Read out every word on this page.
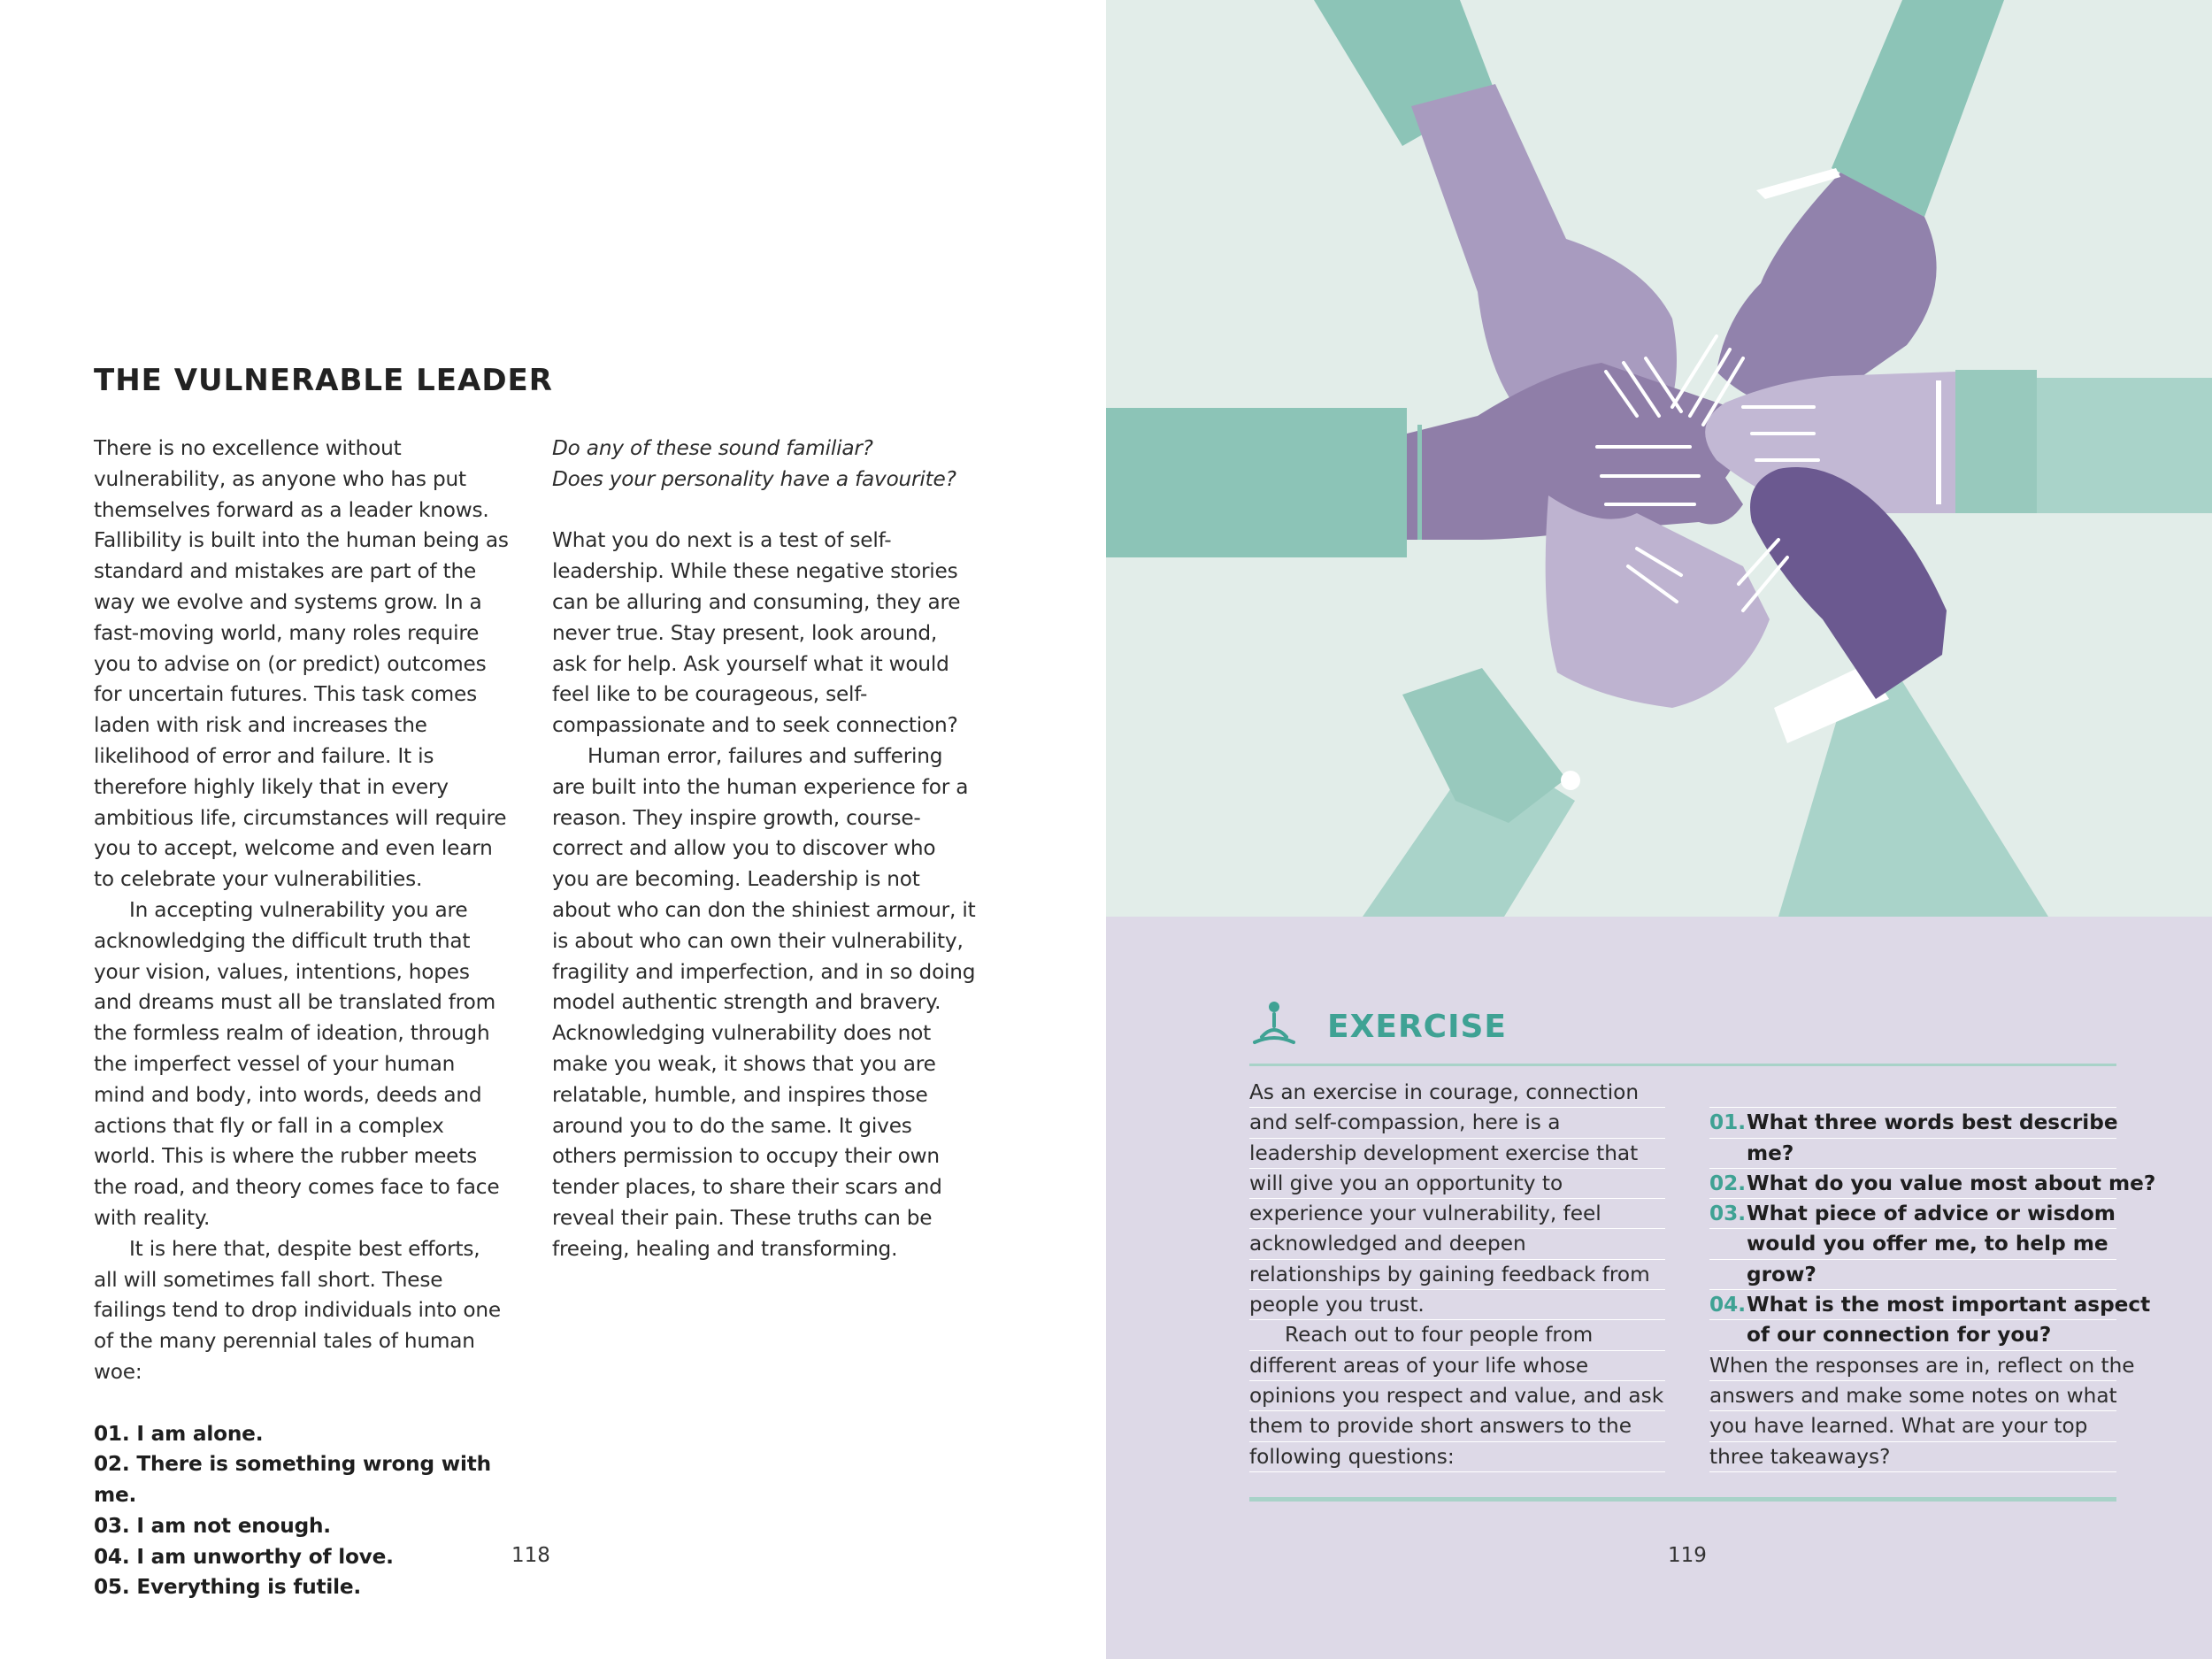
THE VULNERABLE LEADER

There is no excellence without vulnerability, as anyone who has put themselves forward as a leader knows. Fallibility is built into the human being as standard and mistakes are part of the way we evolve and systems grow. In a fast-moving world, many roles require you to advise on (or predict) outcomes for uncertain futures. This task comes laden with risk and increases the likelihood of error and failure. It is therefore highly likely that in every ambitious life, circumstances will require you to accept, welcome and even learn to celebrate your vulnerabilities.

In accepting vulnerability you are acknowledging the difficult truth that your vision, values, intentions, hopes and dreams must all be translated from the formless realm of ideation, through the imperfect vessel of your human mind and body, into words, deeds and actions that fly or fall in a complex world. This is where the rubber meets the road, and theory comes face to face with reality.

It is here that, despite best efforts, all will sometimes fall short. These failings tend to drop individuals into one of the many perennial tales of human woe:

01. I am alone.
02. There is something wrong with me.
03. I am not enough.
04. I am unworthy of love.
05. Everything is futile.

Do any of these sound familiar?

Does your personality have a favourite?

What you do next is a test of self-leadership. While these negative stories can be alluring and consuming, they are never true. Stay present, look around, ask for help. Ask yourself what it would feel like to be courageous, self-compassionate and to seek connection?

Human error, failures and suffering are built into the human experience for a reason. They inspire growth, course-correct and allow you to discover who you are becoming. Leadership is not about who can don the shiniest armour, it is about who can own their vulnerability, fragility and imperfection, and in so doing model authentic strength and bravery. Acknowledging vulnerability does not make you weak, it shows that you are relatable, humble, and inspires those around you to do the same. It gives others permission to occupy their own tender places, to share their scars and reveal their pain. These truths can be freeing, healing and transforming.

118
EXERCISE
As an exercise in courage, connection
and self-compassion, here is a
leadership development exercise that
will give you an opportunity to
experience your vulnerability, feel
acknowledged and deepen
relationships by gaining feedback from
people you trust.
Reach out to four people from
different areas of your life whose
opinions you respect and value, and ask
them to provide short answers to the
following questions:
01. What three words best describe
me?
02. What do you value most about me?
03. What piece of advice or wisdom
would you offer me, to help me
grow?
04. What is the most important aspect
of our connection for you?
When the responses are in, reflect on the
answers and make some notes on what
you have learned. What are your top
three takeaways?
119
